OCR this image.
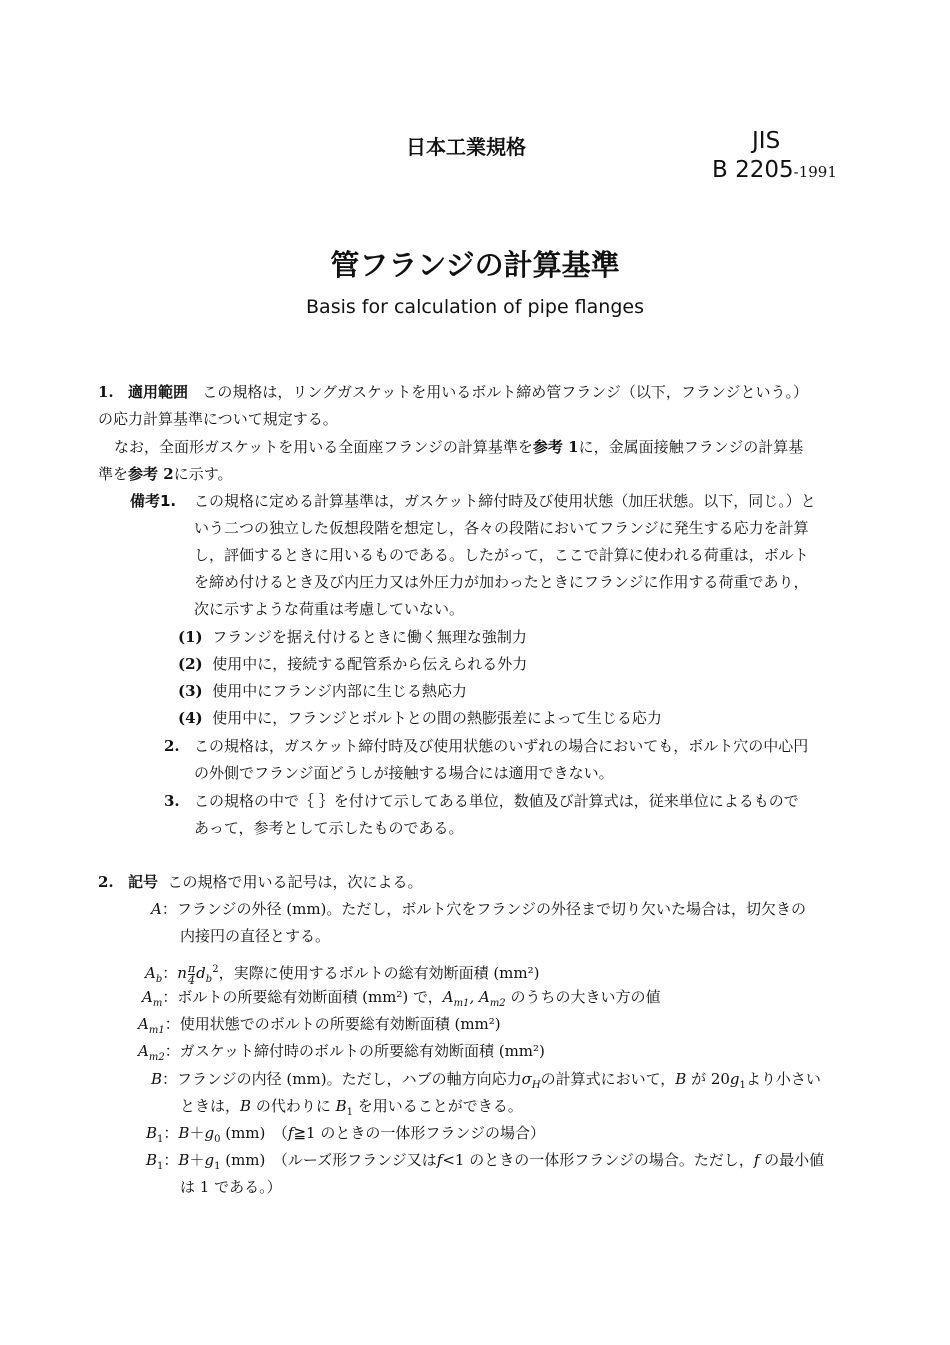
日本工業規格	JIS
B 2205-1991
管フランジの計算基準
Basis for calculation of pipe flanges
1. 適用範囲 この規格は，リングガスケットを用いるボルト締め管フランジ（以下，フランジという。）
の応力計算基準について規定する。
なお，全面形ガスケットを用いる全面座フランジの計算基準を参考 1に，金属面接触フランジの計算基
準を参考 2に示す。
備考1. この規格に定める計算基準は，ガスケット締付時及び使用状態（加圧状態。以下，同じ。）と
いう二つの独立した仮想段階を想定し，各々の段階においてフランジに発生する応力を計算
し，評価するときに用いるものである。したがって，ここで計算に使われる荷重は，ボルト
を締め付けるとき及び内圧力又は外圧力が加わったときにフランジに作用する荷重であり，
次に示すような荷重は考慮していない。
(1) フランジを据え付けるときに働く無理な強制力
(2) 使用中に，接続する配管系から伝えられる外力
(3) 使用中にフランジ内部に生じる熱応力
(4) 使用中に，フランジとボルトとの間の熱膨張差によって生じる応力
2. この規格は，ガスケット締付時及び使用状態のいずれの場合においても，ボルト穴の中心円
の外側でフランジ面どうしが接触する場合には適用できない。
3. この規格の中で｛ ｝を付けて示してある単位，数値及び計算式は，従来単位によるもので
あって，参考として示したものである。
2. 記号 この規格で用いる記号は，次による。
A：フランジの外径 (mm)。ただし，ボルト穴をフランジの外径まで切り欠いた場合は，切欠きの
内接円の直径とする。
$A_b$：n $\frac{\pi}{4} d_b^2$，実際に使用するボルトの総有効断面積 (mm²)
$A_m$：ボルトの所要総有効断面積 (mm²) で，$A_{m1}$, $A_{m2}$ のうちの大きい方の値
$A_{m1}$：使用状態でのボルトの所要総有効断面積 (mm²)
$A_{m2}$：ガスケット締付時のボルトの所要総有効断面積 (mm²)
B：フランジの内径 (mm)。ただし，ハブの軸方向応力$\sigma_H$の計算式において，B が $20g_1$より小さい
ときは，B の代わりに $B_1$ を用いることができる。
$B_1$：$B+g_0$ (mm)　（f≧1 のときの一体形フランジの場合）
$B_1$：$B+g_1$ (mm)　（ルーズ形フランジ又はf<1 のときの一体形フランジの場合。ただし，f の最小値
は 1 である。）
